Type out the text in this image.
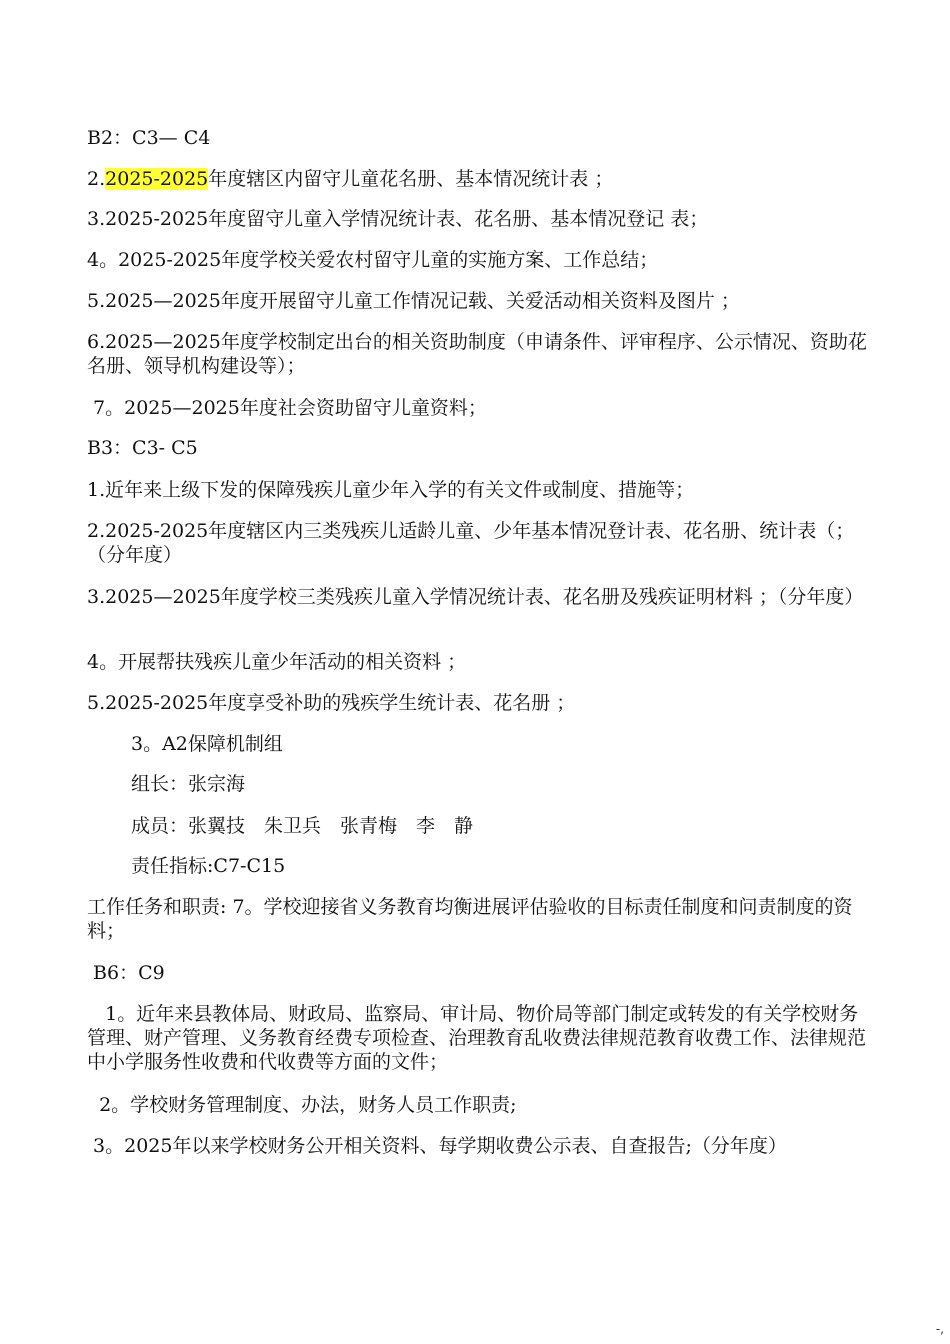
B2：C3— C4

2.2025-2025年度辖区内留守儿童花名册、基本情况统计表 ；

3.2025-2025年度留守儿童入学情况统计表、花名册、基本情况登记 表；

4。2025-2025年度学校关爱农村留守儿童的实施方案、工作总结；

5.2025—2025年度开展留守儿童工作情况记载、关爱活动相关资料及图片 ；

6.2025—2025年度学校制定出台的相关资助制度（申请条件、评审程序、公示情况、资助花名册、领导机构建设等）；

7。2025—2025年度社会资助留守儿童资料；

B3：C3- C5

1.近年来上级下发的保障残疾儿童少年入学的有关文件或制度、措施等；

2.2025-2025年度辖区内三类残疾儿适龄儿童、少年基本情况登计表、花名册、统计表（；（分年度）

3.2025—2025年度学校三类残疾儿童入学情况统计表、花名册及残疾证明材料 ；（分年度）

4。开展帮扶残疾儿童少年活动的相关资料 ；

5.2025-2025年度享受补助的残疾学生统计表、花名册 ；

3。A2保障机制组

组长：张宗海

成员：张翼技　朱卫兵　张青梅　李　静

责任指标:C7-C15

工作任务和职责: 7。学校迎接省义务教育均衡进展评估验收的目标责任制度和问责制度的资料；

B6：C9

1。近年来县教体局、财政局、监察局、审计局、物价局等部门制定或转发的有关学校财务管理、财产管理、义务教育经费专项检查、治理教育乱收费法律规范教育收费工作、法律规范中小学服务性收费和代收费等方面的文件；

2。学校财务管理制度、办法，财务人员工作职责;

3。2025年以来学校财务公开相关资料、每学期收费公示表、自查报告;（分年度）

-,
